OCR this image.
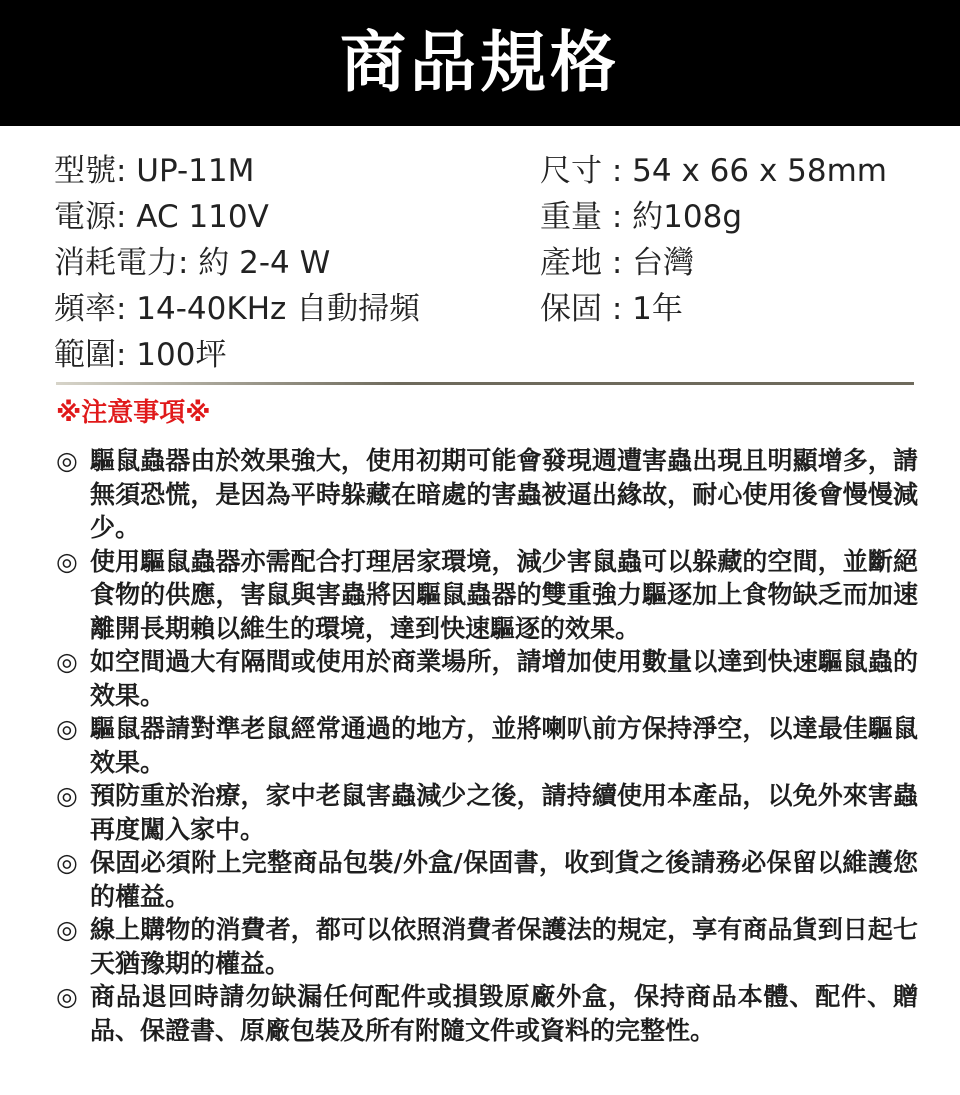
商品規格
型號: UP-11M
電源: AC 110V
消耗電力: 約 2-4 W
頻率: 14-40KHz 自動掃頻
範圍: 100坪
尺寸 : 54 x 66 x 58mm
重量 : 約108g
產地 : 台灣
保固 : 1年
※注意事項※
◎ 驅鼠蟲器由於效果強大，使用初期可能會發現週遭害蟲出現且明顯增多，請無須恐慌，是因為平時躲藏在暗處的害蟲被逼出緣故，耐心使用後會慢慢減少。
◎ 使用驅鼠蟲器亦需配合打理居家環境，減少害鼠蟲可以躲藏的空間，並斷絕食物的供應，害鼠與害蟲將因驅鼠蟲器的雙重強力驅逐加上食物缺乏而加速離開長期賴以維生的環境，達到快速驅逐的效果。
◎ 如空間過大有隔間或使用於商業場所，請增加使用數量以達到快速驅鼠蟲的效果。
◎ 驅鼠器請對準老鼠經常通過的地方，並將喇叭前方保持淨空，以達最佳驅鼠效果。
◎ 預防重於治療，家中老鼠害蟲減少之後，請持續使用本產品，以免外來害蟲再度闖入家中。
◎ 保固必須附上完整商品包裝/外盒/保固書，收到貨之後請務必保留以維護您的權益。
◎ 線上購物的消費者，都可以依照消費者保護法的規定，享有商品貨到日起七天猶豫期的權益。
◎ 商品退回時請勿缺漏任何配件或損毀原廠外盒，保持商品本體、配件、贈品、保證書、原廠包裝及所有附隨文件或資料的完整性。
